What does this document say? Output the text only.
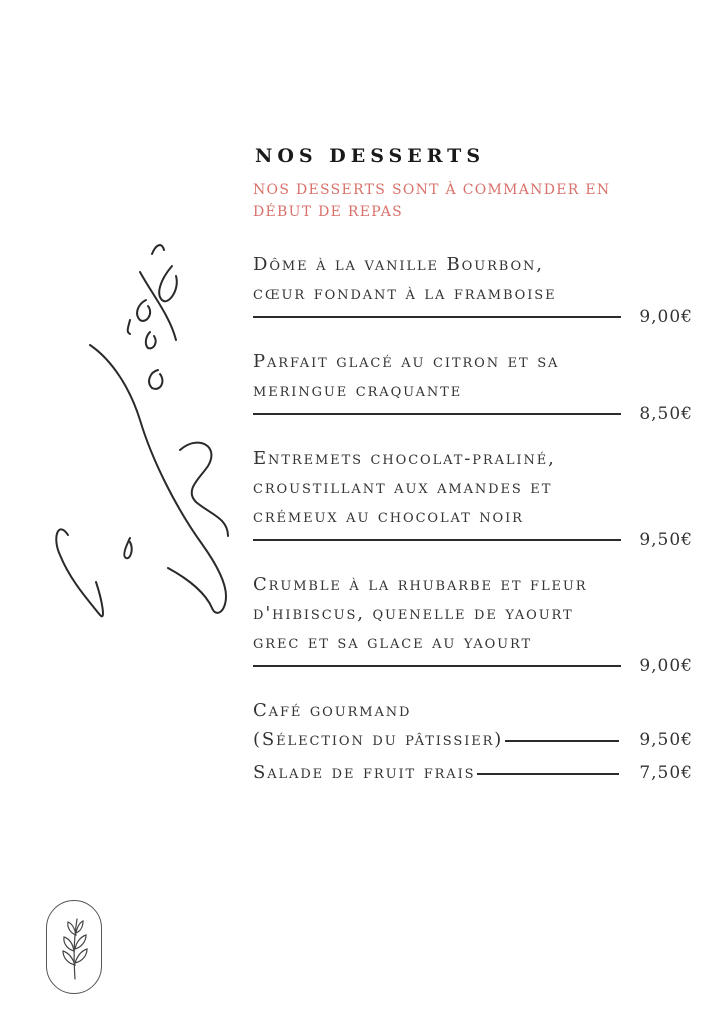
NOS DESSERTS
NOS DESSERTS SONT À COMMANDER EN DÉBUT DE REPAS
Dôme à la vanille Bourbon,
cœur fondant à la framboise
9,00€
Parfait glacé au citron et sa
meringue craquante
8,50€
Entremets chocolat-praliné,
croustillant aux amandes et
crémeux au chocolat noir
9,50€
Crumble à la rhubarbe et fleur
d'hibiscus, quenelle de yaourt
grec et sa glace au yaourt
9,00€
Café gourmand
(Sélection du pâtissier)	9,50€
Salade de fruit frais	7,50€
